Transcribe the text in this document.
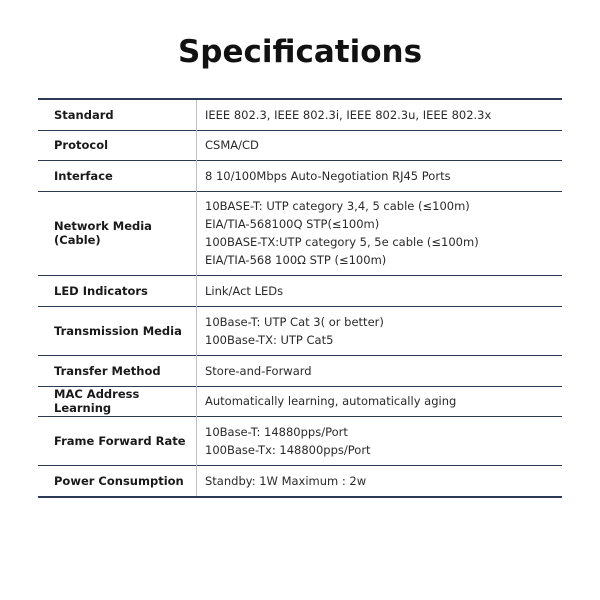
Specifications
Standard	IEEE 802.3, IEEE 802.3i, IEEE 802.3u, IEEE 802.3x

Protocol	CSMA/CD

Interface	8 10/100Mbps Auto-Negotiation RJ45 Ports

Network Media (Cable)	10BASE-T: UTP category 3,4, 5 cable (≤100m)
EIA/TIA-568100Q STP(≤100m)
100BASE-TX:UTP category 5, 5e cable (≤100m)
EIA/TIA-568 100Ω STP (≤100m)

LED Indicators	Link/Act LEDs

Transmission Media	10Base-T: UTP Cat 3( or better)
100Base-TX: UTP Cat5

Transfer Method	Store-and-Forward

MAC Address Learning	Automatically learning, automatically aging

Frame Forward Rate	10Base-T: 14880pps/Port
100Base-Tx: 148800pps/Port

Power Consumption	Standby: 1W Maximum : 2w
